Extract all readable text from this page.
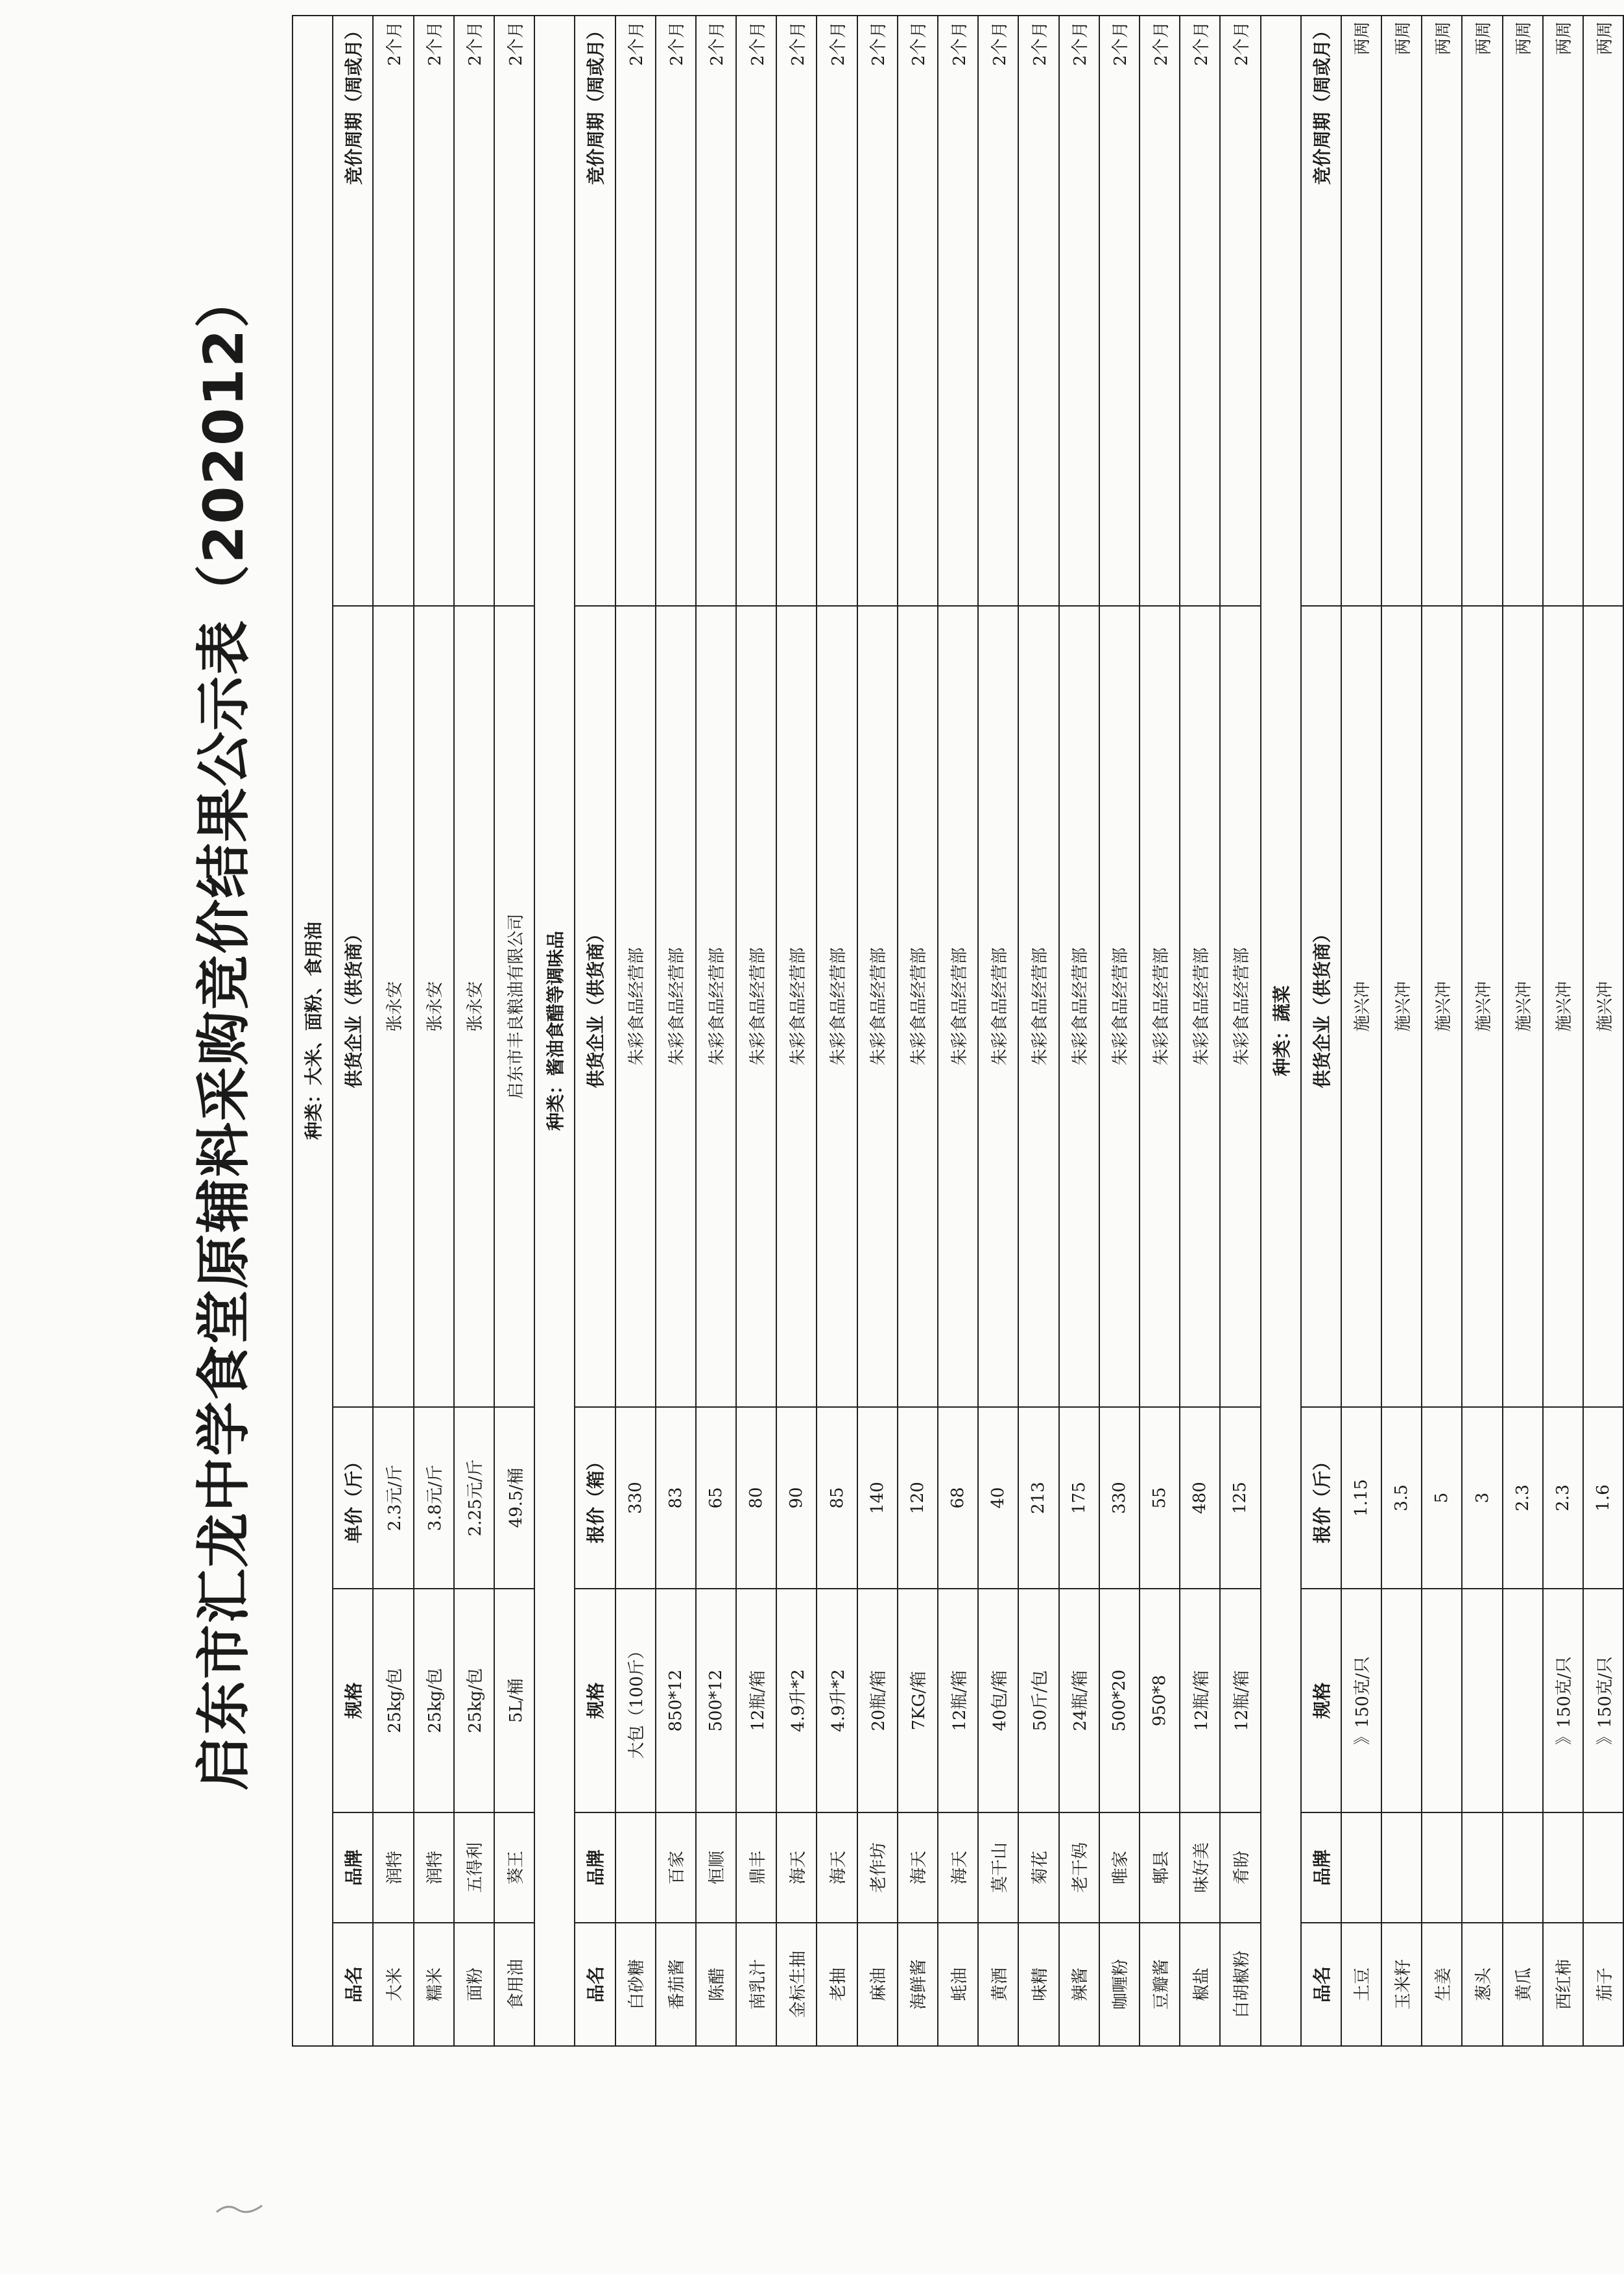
启东市汇龙中学食堂原辅料采购竞价结果公示表（202012）	种类：大米、面粉、食用油					
品名	品牌	规格	单价（斤）	供货企业（供货商）	竞价周期（周或月）
大米	润特	25kg/包	2.3元/斤	张永安	2个月
糯米	润特	25kg/包	3.8元/斤	张永安	2个月
面粉	五得利	25kg/包	2.25元/斤	张永安	2个月
食用油	葵王	5L/桶	49.5/桶	启东市丰良粮油有限公司	2个月
种类：酱油食醋等调味品					
品名	品牌	规格	报价（箱）	供货企业（供货商）	竞价周期（周或月）
白砂糖		大包（100斤）	330	朱彩食品经营部	2个月
番茄酱	百家	850*12	83	朱彩食品经营部	2个月
陈醋	恒顺	500*12	65	朱彩食品经营部	2个月
南乳汁	鼎丰	12瓶/箱	80	朱彩食品经营部	2个月
金标生抽	海天	4.9升*2	90	朱彩食品经营部	2个月
老抽	海天	4.9升*2	85	朱彩食品经营部	2个月
麻油	老作坊	20瓶/箱	140	朱彩食品经营部	2个月
海鲜酱	海天	7KG/箱	120	朱彩食品经营部	2个月
蚝油	海天	12瓶/箱	68	朱彩食品经营部	2个月
黄酒	莫干山	40包/箱	40	朱彩食品经营部	2个月
味精	菊花	50斤/包	213	朱彩食品经营部	2个月
辣酱	老干妈	24瓶/箱	175	朱彩食品经营部	2个月
咖喱粉	唯家	500*20	330	朱彩食品经营部	2个月
豆瓣酱	郫县	950*8	55	朱彩食品经营部	2个月
椒盐	味好美	12瓶/箱	480	朱彩食品经营部	2个月
白胡椒粉	肴盼	12瓶/箱	125	朱彩食品经营部	2个月
种类：蔬菜					
品名	品牌	规格	报价（斤）	供货企业（供货商）	竞价周期（周或月）
土豆		》150克/只	1.15	施兴冲	两周
玉米籽			3.5	施兴冲	两周
生姜			5	施兴冲	两周
葱头			3	施兴冲	两周
黄瓜			2.3	施兴冲	两周
西红柿		》150克/只	2.3	施兴冲	两周
茄子		》150克/只	1.6	施兴冲	两周
